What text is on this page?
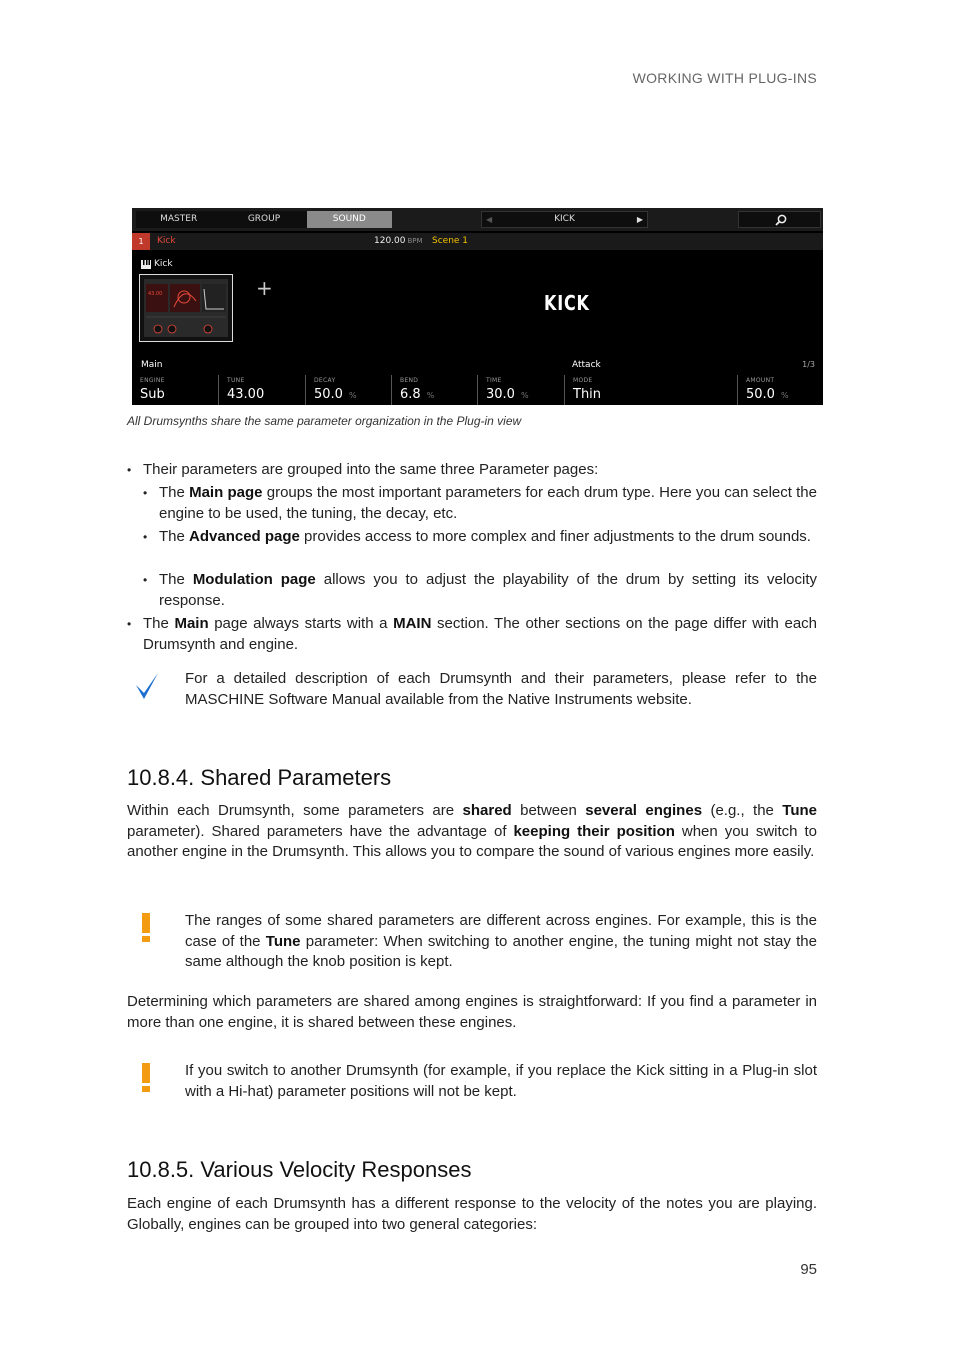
WORKING WITH PLUG-INS
MASTER	GROUP	SOUND	◀	KICK	▶
1	Kick	120.00 BPM Scene 1
Kick
43.00	+
KICK
Main	Attack	1/3
ENGINE
Sub
TUNE
43.00
DECAY
50.0 %
BEND
6.8 %
TIME
30.0 %
MODE
Thin
AMOUNT
50.0 %
All Drumsynths share the same parameter organization in the Plug-in view
• Their parameters are grouped into the same three Parameter pages:
• The Main page groups the most important parameters for each drum type. Here you can select the engine to be used, the tuning, the decay, etc.
• The Advanced page provides access to more complex and finer adjustments to the drum sounds.
• The Modulation page allows you to adjust the playability of the drum by setting its velocity response.
• The Main page always starts with a MAIN section. The other sections on the page differ with each Drumsynth and engine.
For a detailed description of each Drumsynth and their parameters, please refer to the MASCHINE Software Manual available from the Native Instruments website.
10.8.4. Shared Parameters
Within each Drumsynth, some parameters are shared between several engines (e.g., the Tune parameter). Shared parameters have the advantage of keeping their position when you switch to another engine in the Drumsynth. This allows you to compare the sound of various engines more easily.
The ranges of some shared parameters are different across engines. For example, this is the case of the Tune parameter: When switching to another engine, the tuning might not stay the same although the knob position is kept.
Determining which parameters are shared among engines is straightforward: If you find a parameter in more than one engine, it is shared between these engines.
If you switch to another Drumsynth (for example, if you replace the Kick sitting in a Plug-in slot with a Hi-hat) parameter positions will not be kept.
10.8.5. Various Velocity Responses
Each engine of each Drumsynth has a different response to the velocity of the notes you are playing. Globally, engines can be grouped into two general categories:
95
